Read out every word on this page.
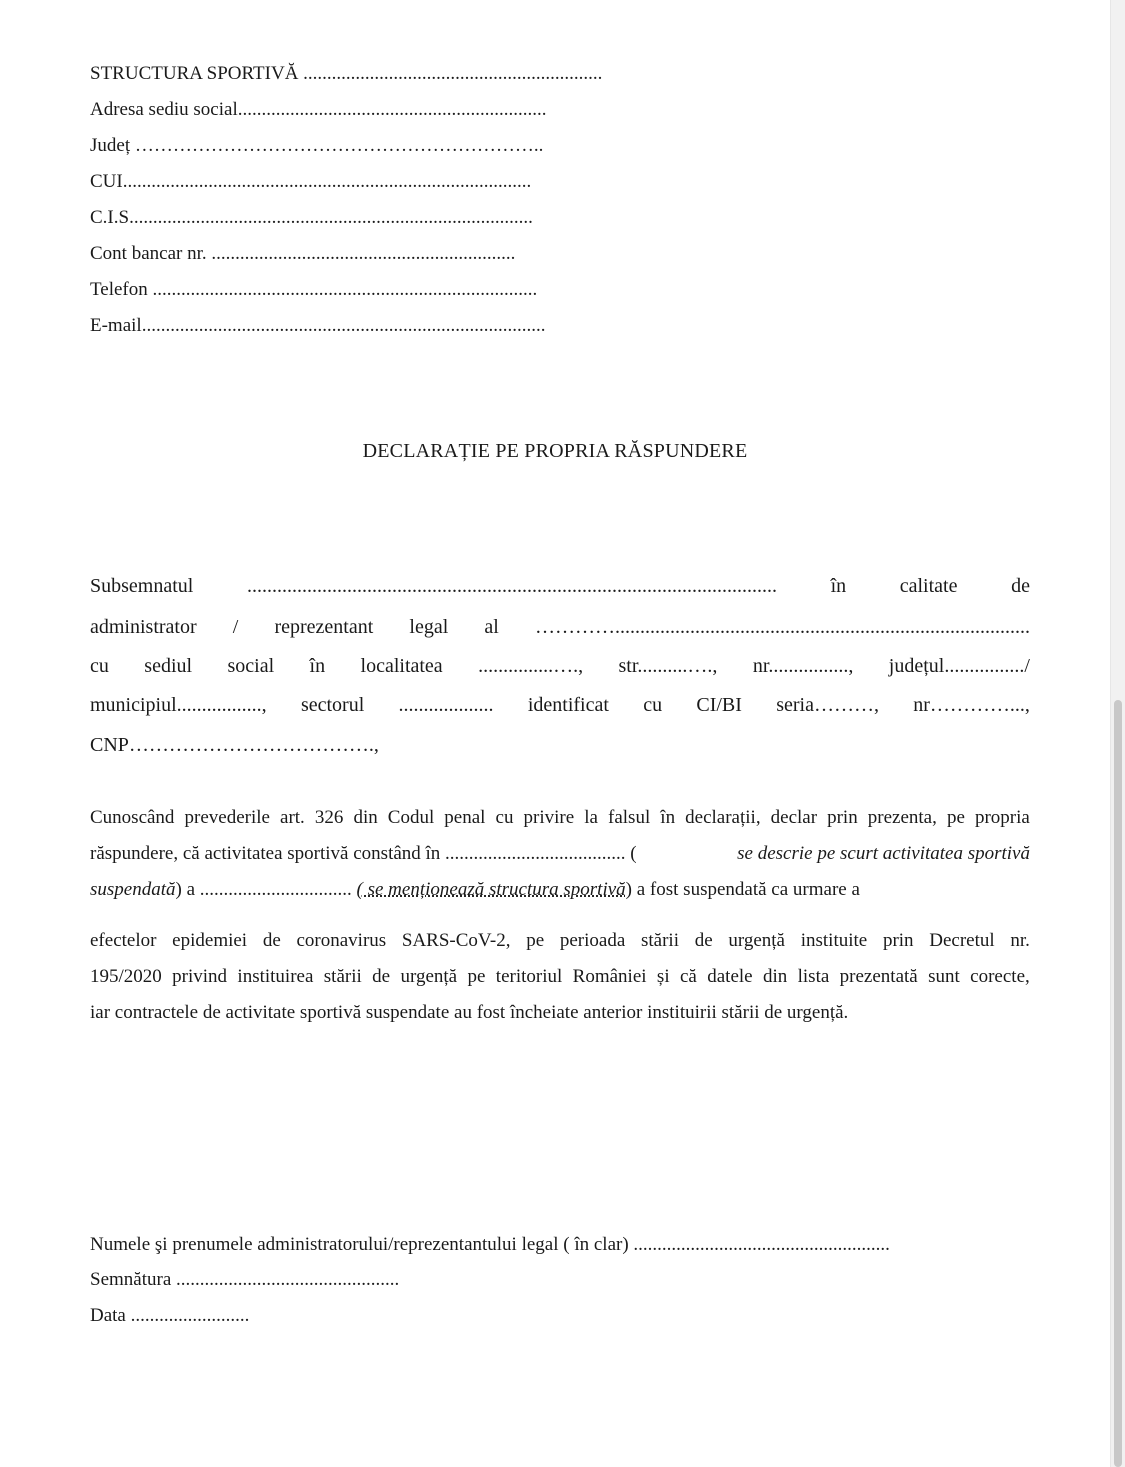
STRUCTURA SPORTIVĂ ...............................................................
Adresa sediu social.................................................................
Județ ………………………………………………………..
CUI......................................................................................
C.I.S.....................................................................................
Cont bancar nr. ................................................................
Telefon .................................................................................
E-mail.....................................................................................
DECLARAȚIE PE PROPRIA RĂSPUNDERE
Subsemnatul	..........................................................................................................	în	calitate	de
administrator / reprezentant legal al …………...................................................................................
cu sediul social în localitatea ...............…., str..........…., nr................, județul................/
municipiul................., sectorul ................... identificat cu CI/BI seria………, nr…………...,
CNP……………………………….,
Cunoscând prevederile art. 326 din Codul penal cu privire la falsul în declarații, declar prin prezenta, pe propria
răspundere, că activitatea sportivă constând în ...................................... (	se descrie pe scurt activitatea sportivă
suspendată) a ................................ ( se menționează structura sportivă) a fost suspendată ca urmare a
efectelor epidemiei de coronavirus SARS-CoV-2, pe perioada stării de urgență instituite prin Decretul nr.
195/2020 privind instituirea stării de urgență pe teritoriul României și că datele din lista prezentată sunt corecte,
iar contractele de activitate sportivă suspendate au fost încheiate anterior instituirii stării de urgență.
Numele şi prenumele administratorului/reprezentantului legal ( în clar) ......................................................
Semnătura ...............................................
Data .........................
